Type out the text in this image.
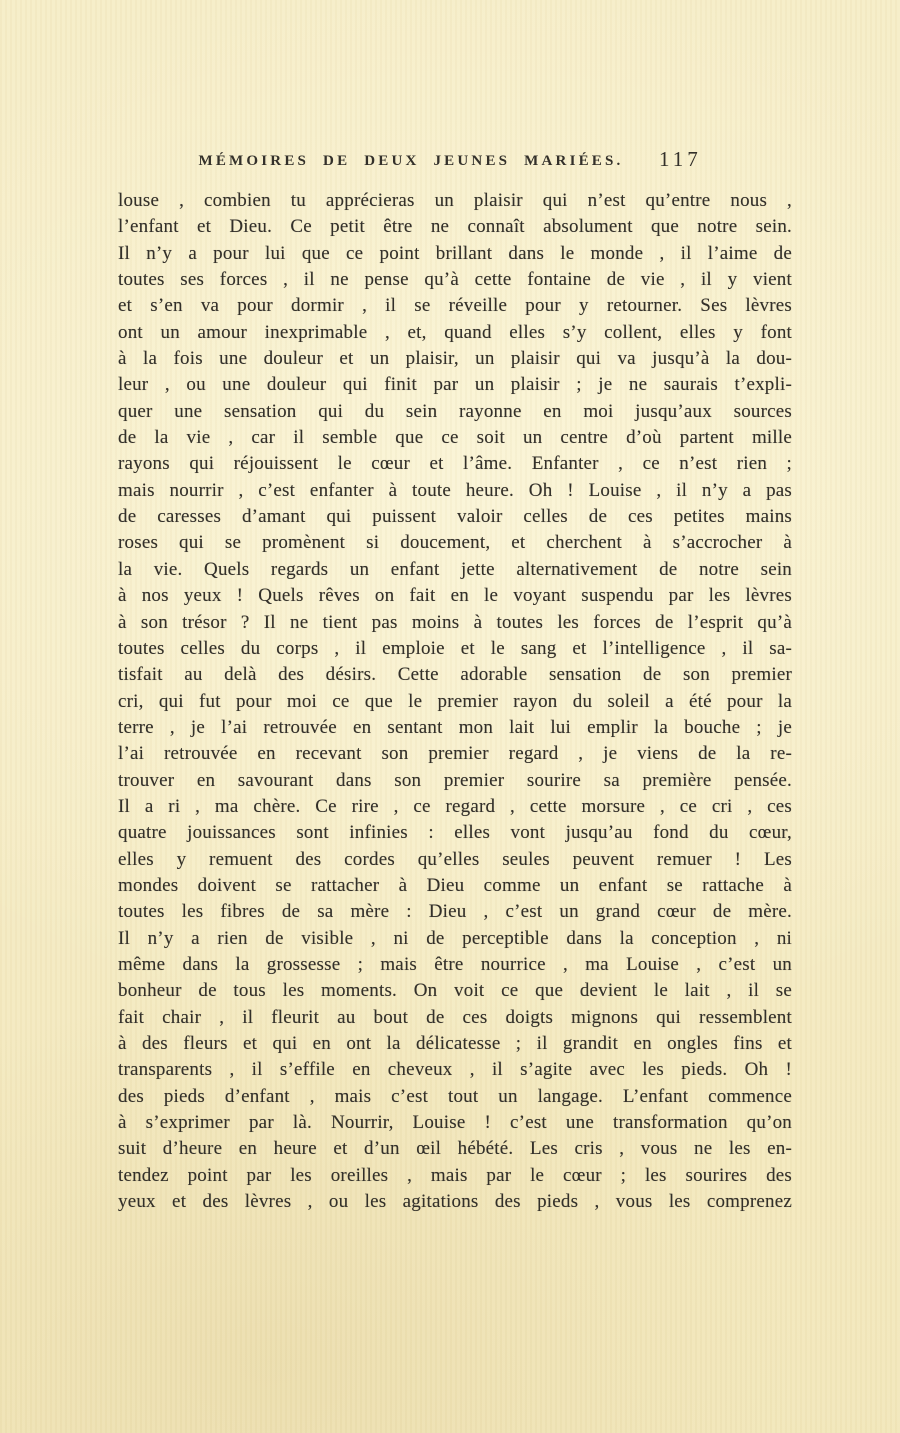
MÉMOIRES DE DEUX JEUNES MARIÉES. 117
louse , combien tu apprécieras un plaisir qui n’est qu’entre nous ,
l’enfant et Dieu. Ce petit être ne connaît absolument que notre sein.
Il n’y a pour lui que ce point brillant dans le monde , il l’aime de
toutes ses forces , il ne pense qu’à cette fontaine de vie , il y vient
et s’en va pour dormir , il se réveille pour y retourner. Ses lèvres
ont un amour inexprimable , et, quand elles s’y collent, elles y font
à la fois une douleur et un plaisir, un plaisir qui va jusqu’à la dou-
leur , ou une douleur qui finit par un plaisir ; je ne saurais t’expli-
quer une sensation qui du sein rayonne en moi jusqu’aux sources
de la vie , car il semble que ce soit un centre d’où partent mille
rayons qui réjouissent le cœur et l’âme. Enfanter , ce n’est rien ;
mais nourrir , c’est enfanter à toute heure. Oh ! Louise , il n’y a pas
de caresses d’amant qui puissent valoir celles de ces petites mains
roses qui se promènent si doucement, et cherchent à s’accrocher à
la vie. Quels regards un enfant jette alternativement de notre sein
à nos yeux ! Quels rêves on fait en le voyant suspendu par les lèvres
à son trésor ? Il ne tient pas moins à toutes les forces de l’esprit qu’à
toutes celles du corps , il emploie et le sang et l’intelligence , il sa-
tisfait au delà des désirs. Cette adorable sensation de son premier
cri, qui fut pour moi ce que le premier rayon du soleil a été pour la
terre , je l’ai retrouvée en sentant mon lait lui emplir la bouche ; je
l’ai retrouvée en recevant son premier regard , je viens de la re-
trouver en savourant dans son premier sourire sa première pensée.
Il a ri , ma chère. Ce rire , ce regard , cette morsure , ce cri , ces
quatre jouissances sont infinies : elles vont jusqu’au fond du cœur,
elles y remuent des cordes qu’elles seules peuvent remuer ! Les
mondes doivent se rattacher à Dieu comme un enfant se rattache à
toutes les fibres de sa mère : Dieu , c’est un grand cœur de mère.
Il n’y a rien de visible , ni de perceptible dans la conception , ni
même dans la grossesse ; mais être nourrice , ma Louise , c’est un
bonheur de tous les moments. On voit ce que devient le lait , il se
fait chair , il fleurit au bout de ces doigts mignons qui ressemblent
à des fleurs et qui en ont la délicatesse ; il grandit en ongles fins et
transparents , il s’effile en cheveux , il s’agite avec les pieds. Oh !
des pieds d’enfant , mais c’est tout un langage. L’enfant commence
à s’exprimer par là. Nourrir, Louise ! c’est une transformation qu’on
suit d’heure en heure et d’un œil hébété. Les cris , vous ne les en-
tendez point par les oreilles , mais par le cœur ; les sourires des
yeux et des lèvres , ou les agitations des pieds , vous les comprenez
